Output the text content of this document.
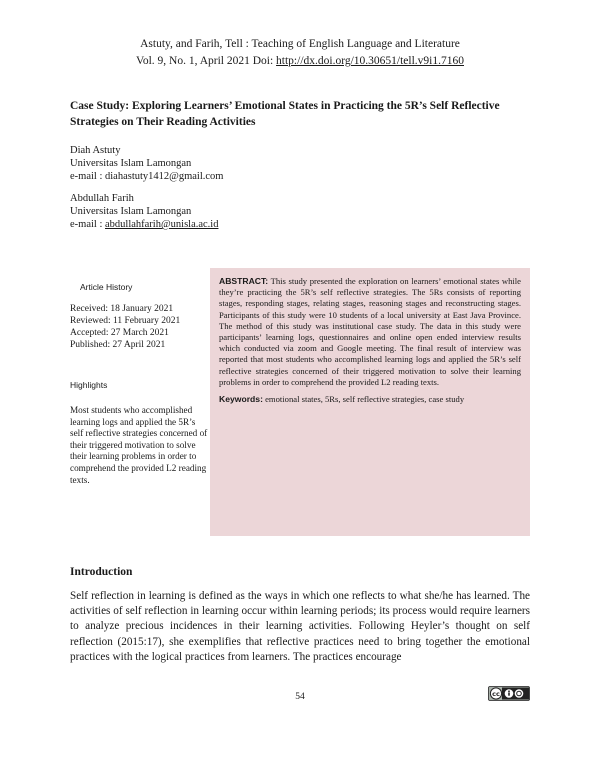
Astuty, and Farih, Tell : Teaching of English Language and Literature
Vol. 9, No. 1, April 2021 Doi: http://dx.doi.org/10.30651/tell.v9i1.7160
Case Study: Exploring Learners’ Emotional States in Practicing the 5R’s Self Reflective Strategies on Their Reading Activities
Diah Astuty
Universitas Islam Lamongan
e-mail : diahastuty1412@gmail.com
Abdullah Farih
Universitas Islam Lamongan
e-mail : abdullahfarih@unisla.ac.id
Article History
Received: 18 January 2021
Reviewed: 11 February 2021
Accepted: 27 March 2021
Published: 27 April 2021
Highlights
Most students who accomplished learning logs and applied the 5R’s self reflective strategies concerned of their triggered motivation to solve their learning problems in order to comprehend the provided L2 reading texts.
ABSTRACT: This study presented the exploration on learners’ emotional states while they’re practicing the 5R’s self reflective strategies. The 5Rs consists of reporting stages, responding stages, relating stages, reasoning stages and reconstructing stages. Participants of this study were 10 students of a local university at East Java Province. The method of this study was institutional case study. The data in this study were participants’ learning logs, questionnaires and online open ended interview results which conducted via zoom and Google meeting. The final result of interview was reported that most students who accomplished learning logs and applied the 5R’s self reflective strategies concerned of their triggered motivation to solve their learning problems in order to comprehend the provided L2 reading texts.
Keywords: emotional states, 5Rs, self reflective strategies, case study
Introduction
Self reflection in learning is defined as the ways in which one reflects to what she/he has learned. The activities of self reflection in learning occur within learning periods; its process would require learners to analyze precious incidences in their learning activities. Following Heyler’s thought on self reflection (2015:17), she exemplifies that reflective practices need to bring together the emotional practices with the logical practices from learners. The practices encourage
54	cc
